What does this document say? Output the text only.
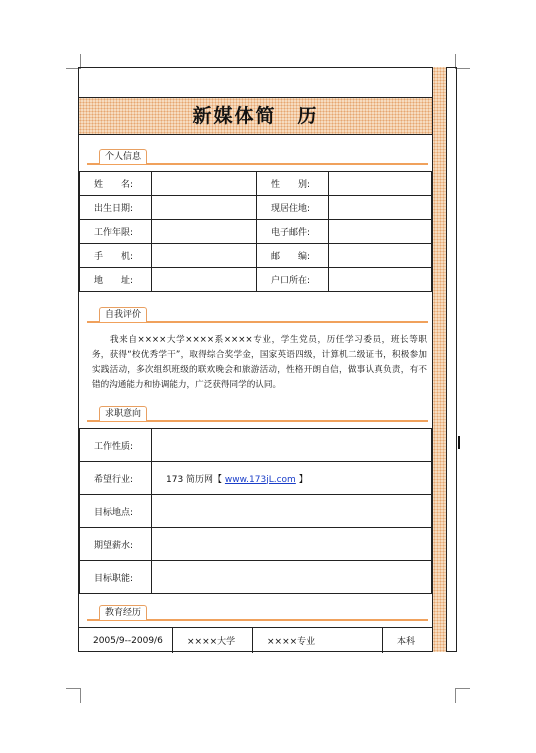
新媒体简　历
个人信息
姓　　名:		性　　别:	
出生日期:		现居住地:	
工作年限:		电子邮件:	
手　　机:		邮　　编:	
地　　址:		户口所在:	
自我评价
我来自××××大学××××系××××专业，学生党员，历任学习委员，班长等职务，获得“校优秀学干”，取得综合奖学金，国家英语四级，计算机二级证书，积极参加实践活动，多次组织班级的联欢晚会和旅游活动，性格开朗自信，做事认真负责，有不错的沟通能力和协调能力，广泛获得同学的认同。
求职意向
工作性质:	
希望行业:	173 简历网【 www.173jL.com 】
目标地点:	
期望薪水:	
目标职能:	
教育经历
2005/9--2009/6	××××大学	××××专业	本科
